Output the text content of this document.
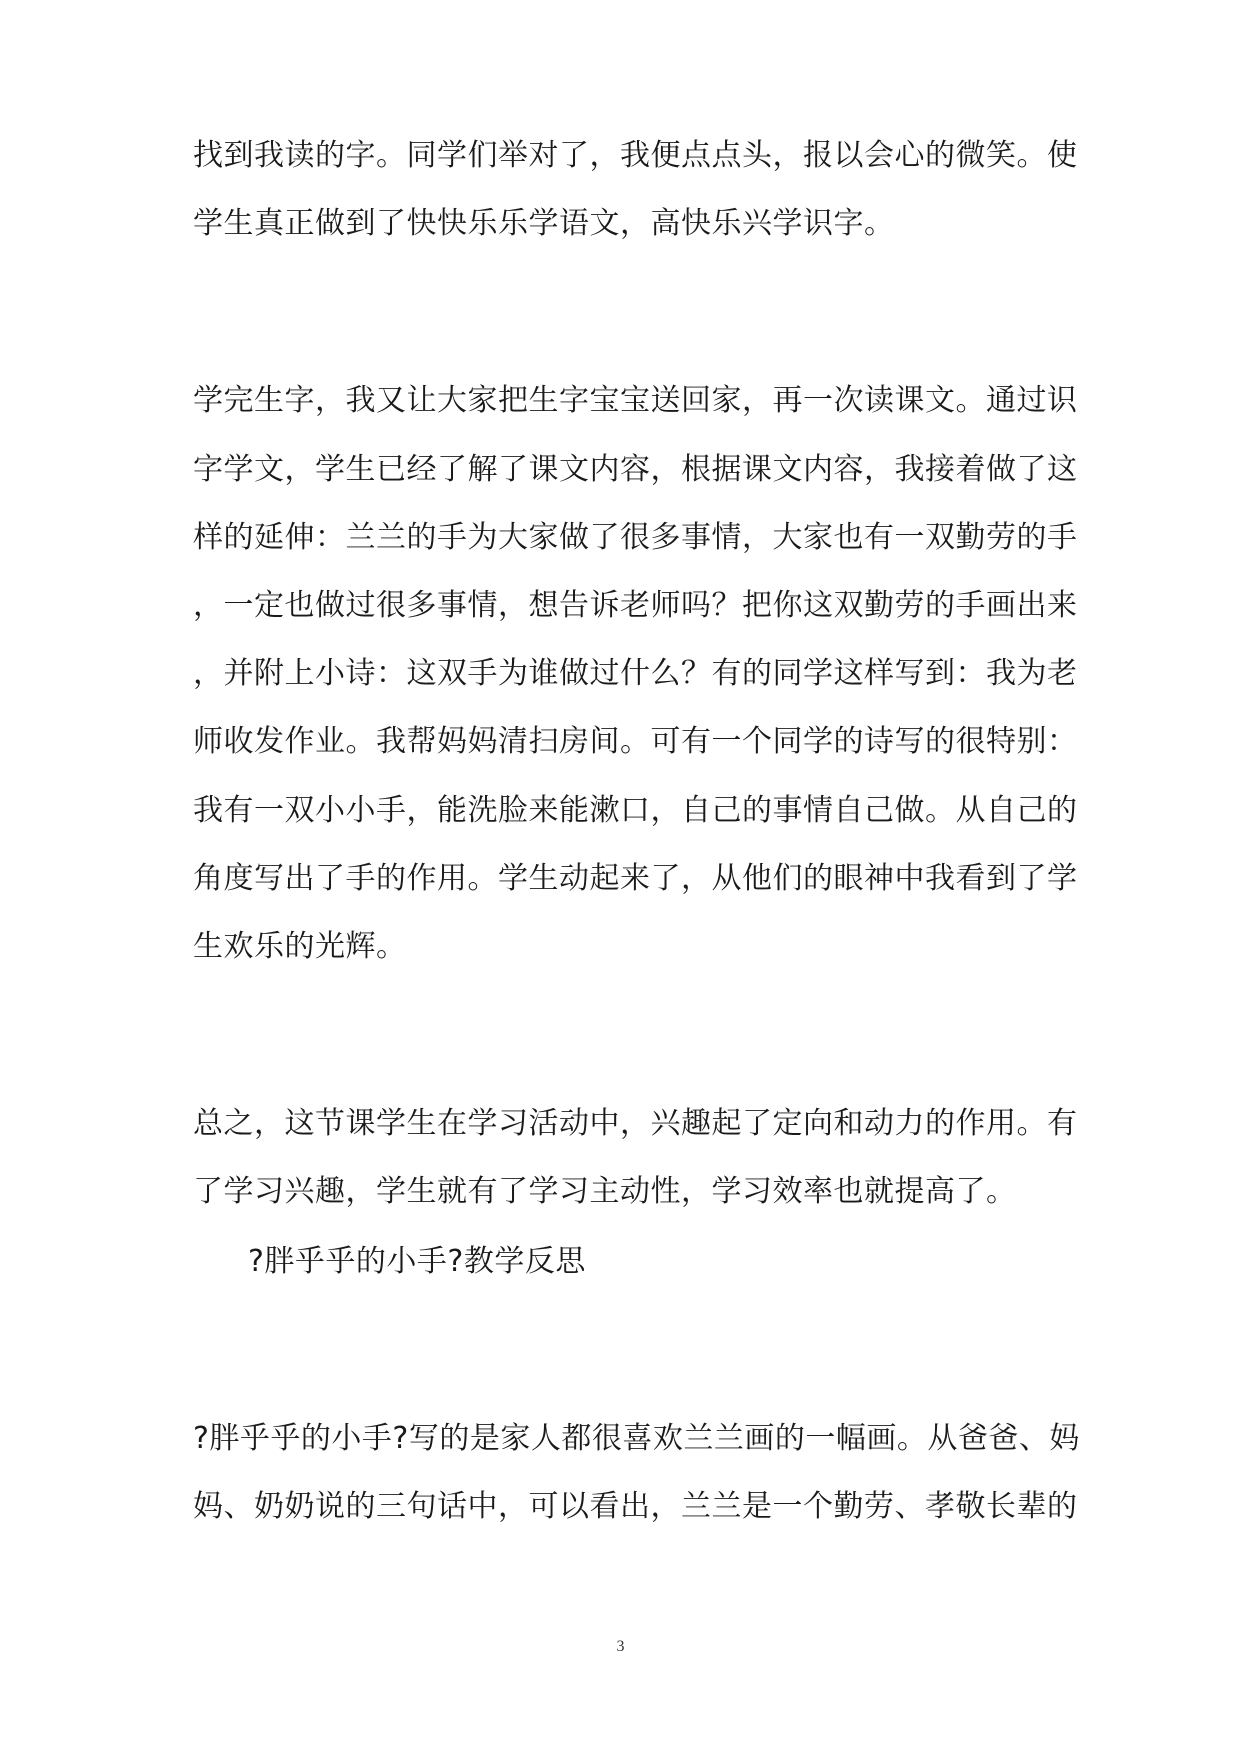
找到我读的字。同学们举对了，我便点点头，报以会心的微笑。使
学生真正做到了快快乐乐学语文，高快乐兴学识字。
学完生字，我又让大家把生字宝宝送回家，再一次读课文。通过识
字学文，学生已经了解了课文内容，根据课文内容，我接着做了这
样的延伸：兰兰的手为大家做了很多事情，大家也有一双勤劳的手
，一定也做过很多事情，想告诉老师吗？把你这双勤劳的手画出来
，并附上小诗：这双手为谁做过什么？有的同学这样写到：我为老
师收发作业。我帮妈妈清扫房间。可有一个同学的诗写的很特别：
我有一双小小手，能洗脸来能漱口，自己的事情自己做。从自己的
角度写出了手的作用。学生动起来了，从他们的眼神中我看到了学
生欢乐的光辉。
总之，这节课学生在学习活动中，兴趣起了定向和动力的作用。有
了学习兴趣，学生就有了学习主动性，学习效率也就提高了。
?胖乎乎的小手?教学反思
?胖乎乎的小手?写的是家人都很喜欢兰兰画的一幅画。从爸爸、妈
妈、奶奶说的三句话中，可以看出，兰兰是一个勤劳、孝敬长辈的
3
